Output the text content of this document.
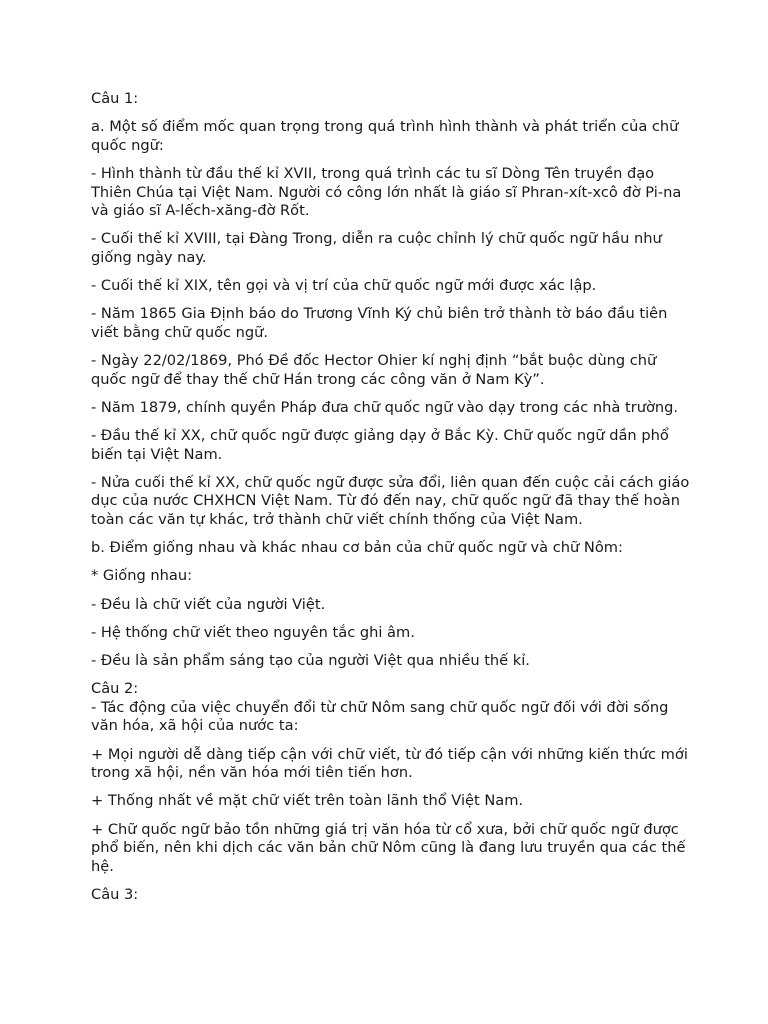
Câu 1:

a. Một số điểm mốc quan trọng trong quá trình hình thành và phát triển của chữ quốc ngữ:

- Hình thành từ đầu thế kỉ XVII, trong quá trình các tu sĩ Dòng Tên truyền đạo Thiên Chúa tại Việt Nam. Người có công lớn nhất là giáo sĩ Phran-xít-xcô đờ Pi-na và giáo sĩ A-lếch-xăng-đờ Rốt.

- Cuối thế kỉ XVIII, tại Đàng Trong, diễn ra cuộc chỉnh lý chữ quốc ngữ hầu như giống ngày nay.

- Cuối thế kỉ XIX, tên gọi và vị trí của chữ quốc ngữ mới được xác lập.

- Năm 1865 Gia Định báo do Trương Vĩnh Ký chủ biên trở thành tờ báo đầu tiên viết bằng chữ quốc ngữ.

- Ngày 22/02/1869, Phó Đề đốc Hector Ohier kí nghị định “bắt buộc dùng chữ quốc ngữ để thay thế chữ Hán trong các công văn ở Nam Kỳ”.

- Năm 1879, chính quyền Pháp đưa chữ quốc ngữ vào dạy trong các nhà trường.

- Đầu thế kỉ XX, chữ quốc ngữ được giảng dạy ở Bắc Kỳ. Chữ quốc ngữ dần phổ biến tại Việt Nam.

- Nửa cuối thế kỉ XX, chữ quốc ngữ được sửa đổi, liên quan đến cuộc cải cách giáo dục của nước CHXHCN Việt Nam. Từ đó đến nay, chữ quốc ngữ đã thay thế hoàn toàn các văn tự khác, trở thành chữ viết chính thống của Việt Nam.

b. Điểm giống nhau và khác nhau cơ bản của chữ quốc ngữ và chữ Nôm:

* Giống nhau:

- Đều là chữ viết của người Việt.

- Hệ thống chữ viết theo nguyên tắc ghi âm.

- Đều là sản phẩm sáng tạo của người Việt qua nhiều thế kỉ.

Câu 2:

- Tác động của việc chuyển đổi từ chữ Nôm sang chữ quốc ngữ đối với đời sống văn hóa, xã hội của nước ta:

+ Mọi người dễ dàng tiếp cận với chữ viết, từ đó tiếp cận với những kiến thức mới trong xã hội, nền văn hóa mới tiên tiến hơn.

+ Thống nhất về mặt chữ viết trên toàn lãnh thổ Việt Nam.

+ Chữ quốc ngữ bảo tồn những giá trị văn hóa từ cổ xưa, bởi chữ quốc ngữ được phổ biến, nên khi dịch các văn bản chữ Nôm cũng là đang lưu truyền qua các thế hệ.

Câu 3:
